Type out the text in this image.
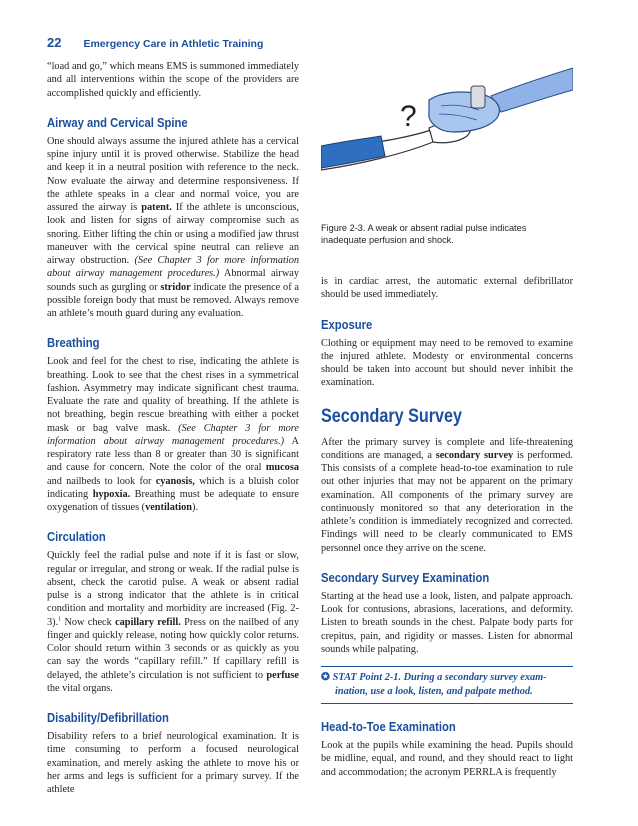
22 Emergency Care in Athletic Training

“load and go,” which means EMS is summoned immediately and all interventions within the scope of the providers are accomplished quickly and efficiently.

Airway and Cervical Spine

One should always assume the injured athlete has a cervical spine injury until it is proved otherwise. Stabilize the head and keep it in a neutral position with reference to the neck. Now evaluate the airway and determine responsiveness. If the athlete speaks in a clear and normal voice, you are assured the airway is patent. If the athlete is unconscious, look and listen for signs of airway compromise such as snoring. Either lifting the chin or using a modified jaw thrust maneuver with the cervical spine neutral can relieve an airway obstruction. (See Chapter 3 for more information about airway management procedures.) Abnormal airway sounds such as gurgling or stridor indicate the presence of a possible foreign body that must be removed. Always remove an athlete’s mouth guard during any evaluation.

Breathing

Look and feel for the chest to rise, indicating the athlete is breathing. Look to see that the chest rises in a symmetrical fashion. Asymmetry may indicate significant chest trauma. Evaluate the rate and quality of breathing. If the athlete is not breathing, begin rescue breathing with either a pocket mask or bag valve mask. (See Chapter 3 for more information about airway management procedures.) A respiratory rate less than 8 or greater than 30 is significant and cause for concern. Note the color of the oral mucosa and nailbeds to look for cyanosis, which is a bluish color indicating hypoxia. Breathing must be adequate to ensure oxygenation of tissues (ventilation).

Circulation

Quickly feel the radial pulse and note if it is fast or slow, regular or irregular, and strong or weak. If the radial pulse is absent, check the carotid pulse. A weak or absent radial pulse is a strong indicator that the athlete is in critical condition and mortality and morbidity are increased (Fig. 2-3).$^1$ Now check capillary refill. Press on the nailbed of any finger and quickly release, noting how quickly color returns. Color should return within 3 seconds or as quickly as you can say the words “capillary refill.” If capillary refill is delayed, the athlete’s circulation is not sufficient to perfuse the vital organs.

Disability/Defibrillation

Disability refers to a brief neurological examination. It is time consuming to perform a focused neurological examination, and merely asking the athlete to move his or her arms and legs is sufficient for a primary survey. If the athlete

?
Figure 2-3. A weak or absent radial pulse indicates inadequate perfusion and shock.

is in cardiac arrest, the automatic external defibrillator should be used immediately.

Exposure

Clothing or equipment may need to be removed to examine the injured athlete. Modesty or environmental concerns should be taken into account but should never inhibit the examination.

Secondary Survey

After the primary survey is complete and life-threatening conditions are managed, a secondary survey is performed. This consists of a complete head-to-toe examination to rule out other injuries that may not be apparent on the primary examination. All components of the primary survey are continuously monitored so that any deterioration in the athlete’s condition is immediately recognized and corrected. Findings will need to be clearly communicated to EMS personnel once they arrive on the scene.

Secondary Survey Examination

Starting at the head use a look, listen, and palpate approach. Look for contusions, abrasions, lacerations, and deformity. Listen to breath sounds in the chest. Palpate body parts for crepitus, pain, and rigidity or masses. Listen for abnormal sounds while palpating.

✪ STAT Point 2-1. During a secondary survey exam-
ination, use a look, listen, and palpate method.
Head-to-Toe Examination

Look at the pupils while examining the head. Pupils should be midline, equal, and round, and they should react to light and accommodation; the acronym PERRLA is frequently
